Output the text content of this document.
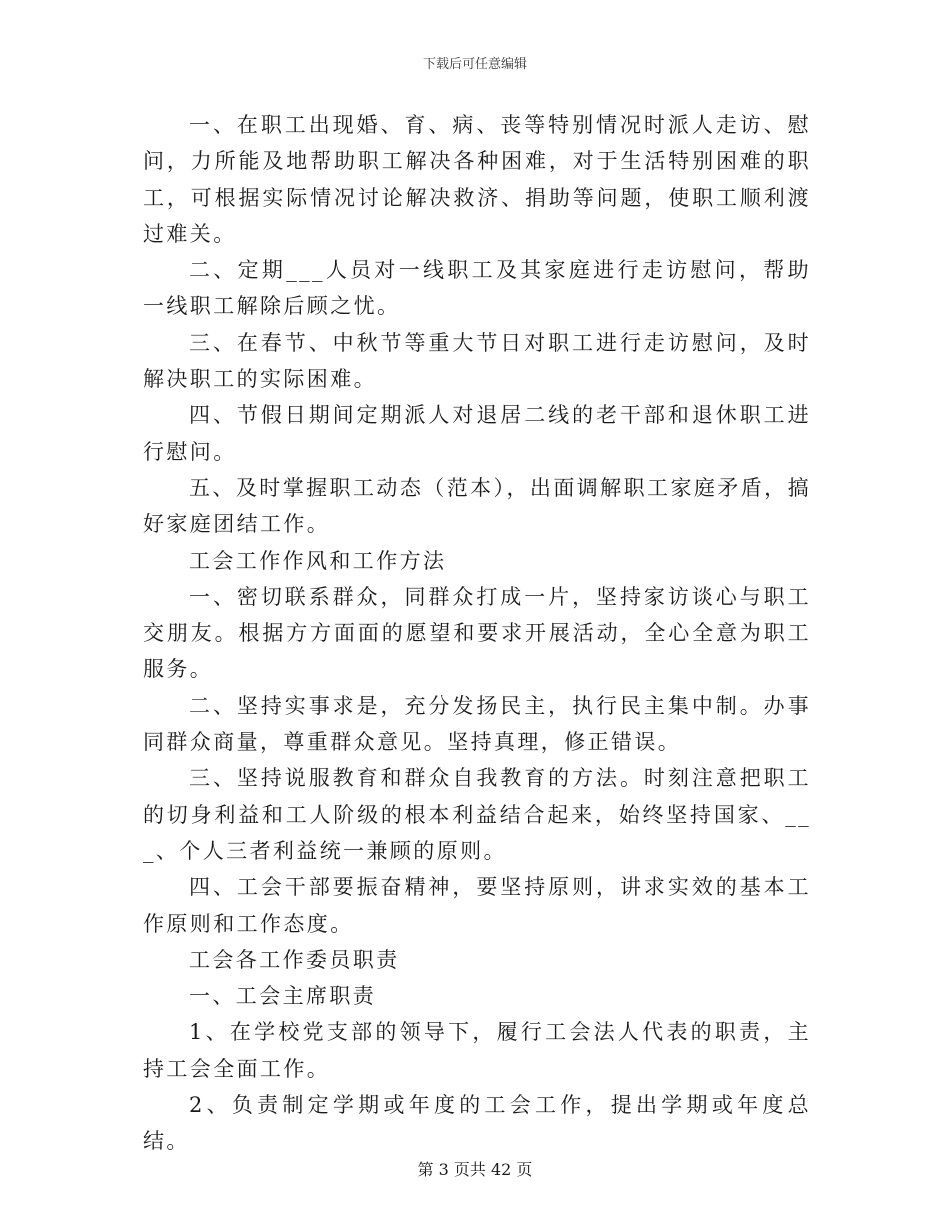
下载后可任意编辑

一、在职工出现婚、育、病、丧等特别情况时派人走访、慰问，力所能及地帮助职工解决各种困难，对于生活特别困难的职工，可根据实际情况讨论解决救济、捐助等问题，使职工顺利渡过难关。

二、定期___人员对一线职工及其家庭进行走访慰问，帮助一线职工解除后顾之忧。

三、在春节、中秋节等重大节日对职工进行走访慰问，及时解决职工的实际困难。

四、节假日期间定期派人对退居二线的老干部和退休职工进行慰问。

五、及时掌握职工动态（范本），出面调解职工家庭矛盾，搞好家庭团结工作。

工会工作作风和工作方法

一、密切联系群众，同群众打成一片，坚持家访谈心与职工交朋友。根据方方面面的愿望和要求开展活动，全心全意为职工服务。

二、坚持实事求是，充分发扬民主，执行民主集中制。办事同群众商量，尊重群众意见。坚持真理，修正错误。

三、坚持说服教育和群众自我教育的方法。时刻注意把职工的切身利益和工人阶级的根本利益结合起来，始终坚持国家、___、个人三者利益统一兼顾的原则。

四、工会干部要振奋精神，要坚持原则，讲求实效的基本工作原则和工作态度。

工会各工作委员职责

一、工会主席职责

1、在学校党支部的领导下，履行工会法人代表的职责，主持工会全面工作。

2、负责制定学期或年度的工会工作，提出学期或年度总结。

第 3 页共 42 页
